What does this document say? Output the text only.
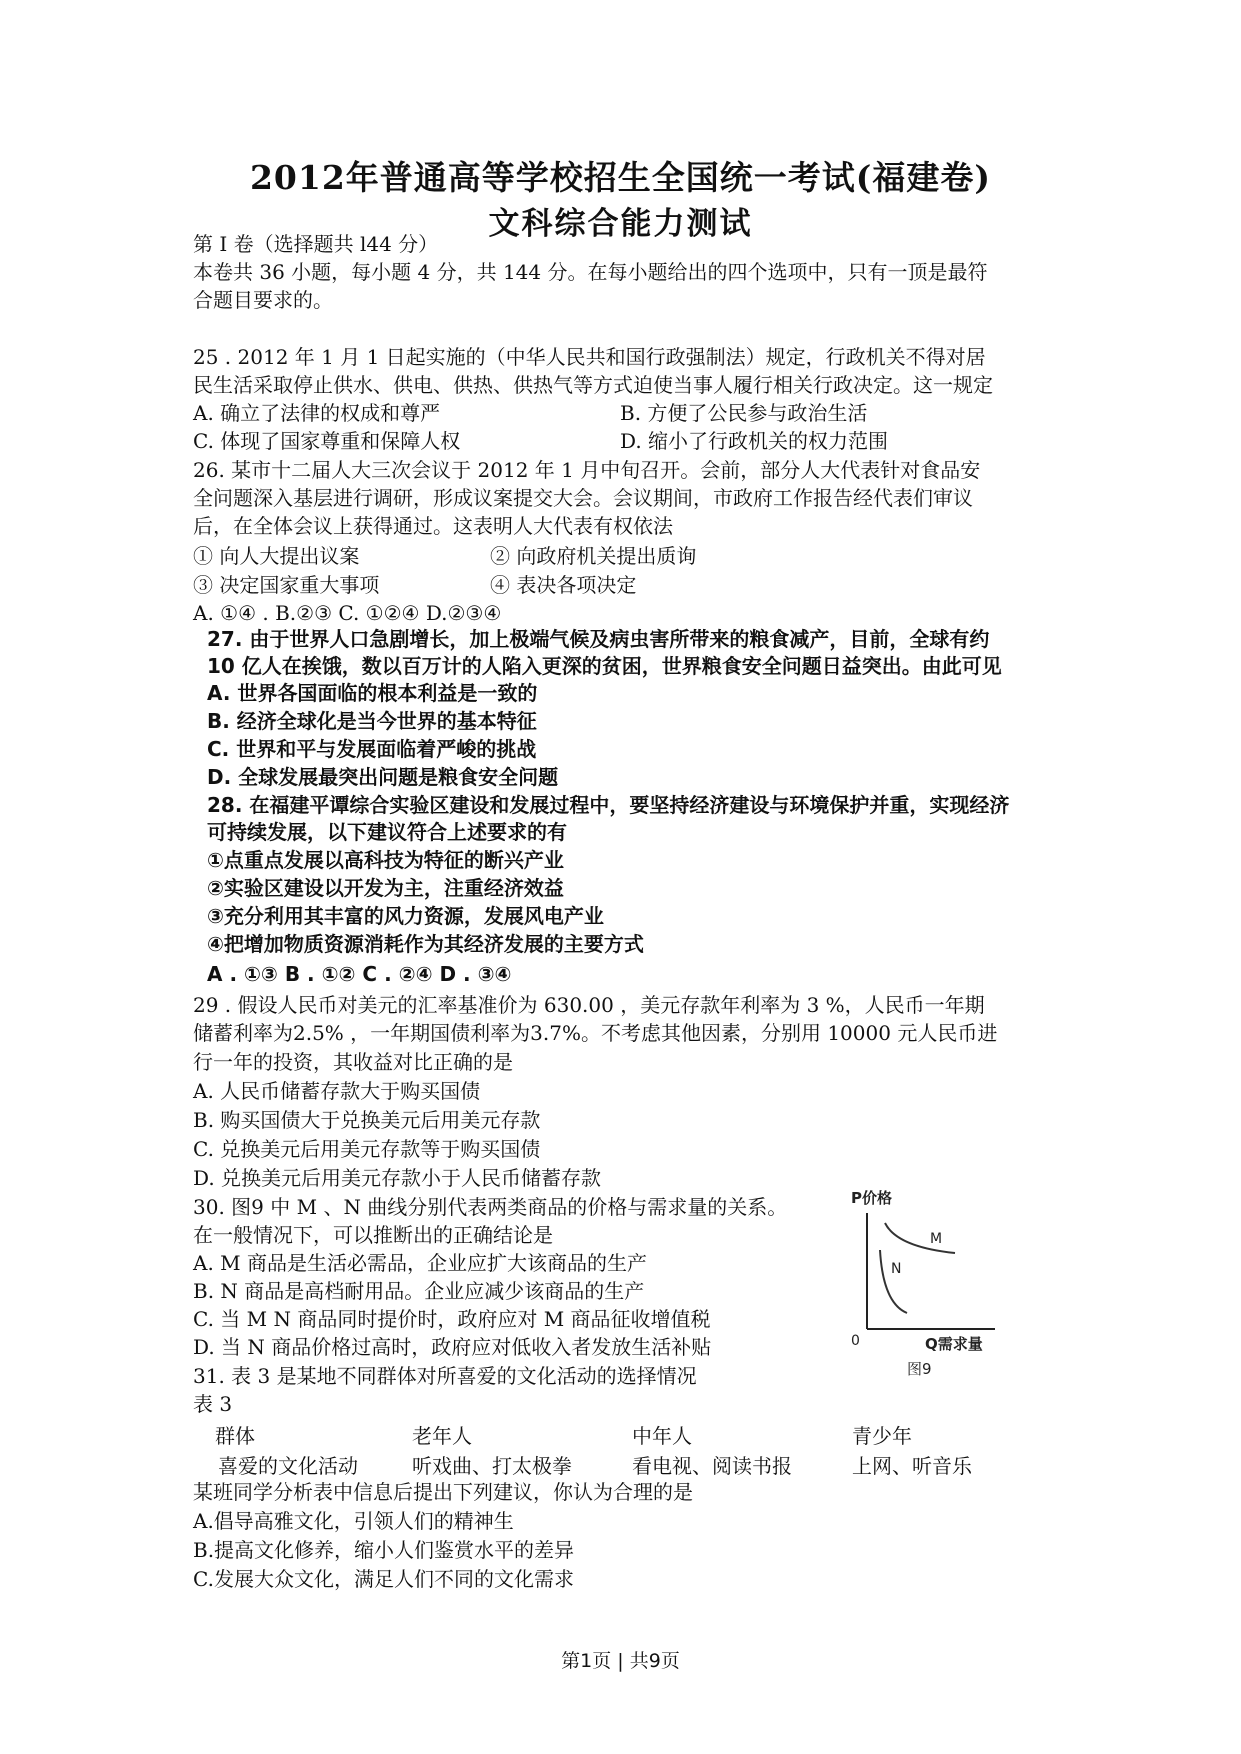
2012年普通高等学校招生全国统一考试(福建卷)
文科综合能力测试
第 I 卷（选择题共 l44 分）
本卷共 36 小题，每小题 4 分，共 144 分。在每小题给出的四个选项中，只有一顶是最符
合题目要求的。
25 . 2012 年 1 月 1 日起实施的（中华人民共和国行政强制法）规定，行政机关不得对居
民生活采取停止供水、供电、供热、供热气等方式迫使当事人履行相关行政决定。这一规定
A. 确立了法律的权成和尊严	B. 方便了公民参与政治生活
C. 体现了国家尊重和保障人权	D. 缩小了行政机关的权力范围
26. 某市十二届人大三次会议于 2012 年 1 月中旬召开。会前，部分人大代表针对食品安
全问题深入基层进行调研，形成议案提交大会。会议期间，市政府工作报告经代表们审议
后，在全体会议上获得通过。这表明人大代表有权依法
① 向人大提出议案	② 向政府机关提出质询
③ 决定国家重大事项	④ 表决各项决定
A. ①④ . B.②③ C. ①②④ D.②③④
27. 由于世界人口急剧增长，加上极端气候及病虫害所带来的粮食减产，目前，全球有约
10 亿人在挨饿，数以百万计的人陷入更深的贫困，世界粮食安全问题日益突出。由此可见
A. 世界各国面临的根本利益是一致的
B. 经济全球化是当今世界的基本特征
C. 世界和平与发展面临着严峻的挑战
D. 全球发展最突出问题是粮食安全问题
28. 在福建平谭综合实验区建设和发展过程中，要坚持经济建设与环境保护并重，实现经济
可持续发展，以下建议符合上述要求的有
①点重点发展以高科技为特征的断兴产业
②实验区建设以开发为主，注重经济效益
③充分利用其丰富的风力资源，发展风电产业
④把增加物质资源消耗作为其经济发展的主要方式
A . ①③ B . ①② C . ②④ D . ③④
29 . 假设人民币对美元的汇率基准价为 630.00 ，美元存款年利率为 3 %，人民币一年期
储蓄利率为2.5% ，一年期国债利率为3.7%。不考虑其他因素，分别用 10000 元人民币进
行一年的投资，其收益对比正确的是
A. 人民币储蓄存款大于购买国债
B. 购买国债大于兑换美元后用美元存款
C. 兑换美元后用美元存款等于购买国债
D. 兑换美元后用美元存款小于人民币储蓄存款
30. 图9 中 M 、N 曲线分别代表两类商品的价格与需求量的关系。
在一般情况下，可以推断出的正确结论是
A. M 商品是生活必需品，企业应扩大该商品的生产
B. N 商品是高档耐用品。企业应减少该商品的生产
C. 当 M N 商品同时提价时，政府应对 M 商品征收增值税
D. 当 N 商品价格过高时，政府应对低收入者发放生活补贴
P价格
0	Q需求量
M
N
图9
31. 表 3 是某地不同群体对所喜爱的文化活动的选择情况
表 3
群体	老年人	中年人	青少年
喜爱的文化活动	听戏曲、打太极拳	看电视、阅读书报	上网、听音乐
某班同学分析表中信息后提出下列建议，你认为合理的是
A.倡导高雅文化，引领人们的精神生
B.提高文化修养，缩小人们鉴赏水平的差异
C.发展大众文化，满足人们不同的文化需求
第1页 | 共9页
